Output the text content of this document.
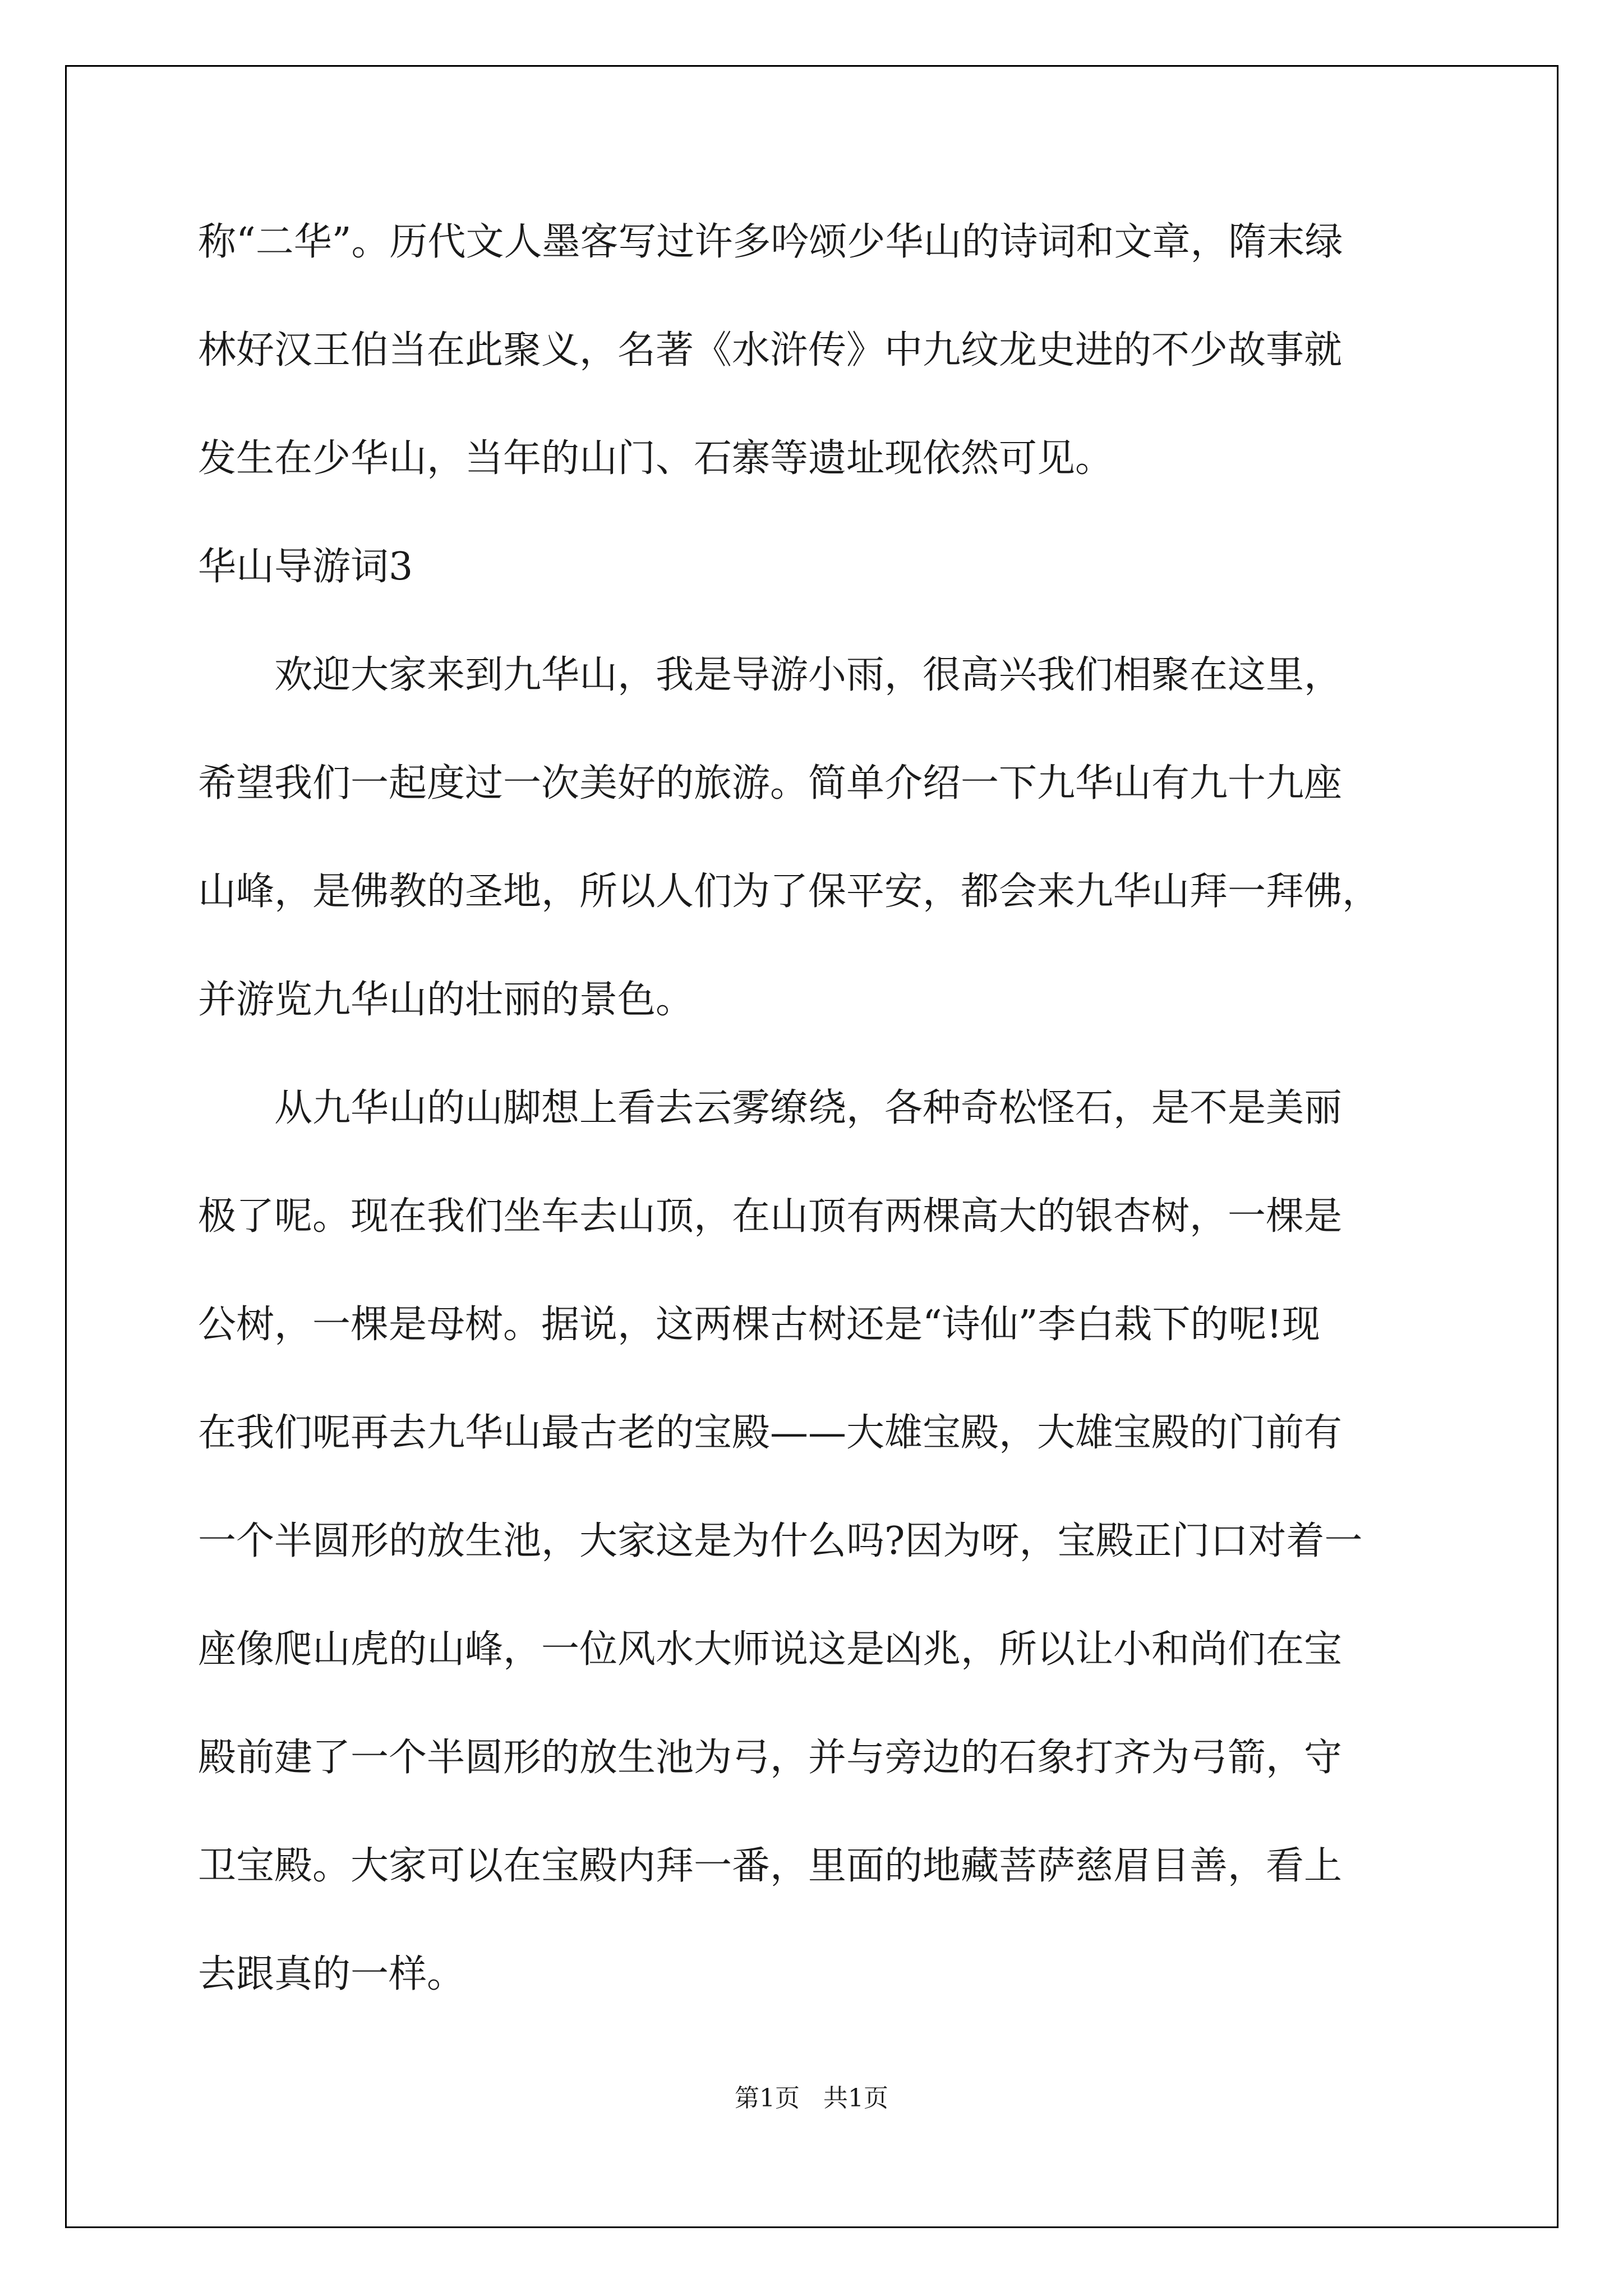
称“二华”。历代文人墨客写过许多吟颂少华山的诗词和文章，隋末绿
林好汉王伯当在此聚义，名著《水浒传》中九纹龙史进的不少故事就
发生在少华山，当年的山门、石寨等遗址现依然可见。
华山导游词3
欢迎大家来到九华山，我是导游小雨，很高兴我们相聚在这里，
希望我们一起度过一次美好的旅游。简单介绍一下九华山有九十九座
山峰，是佛教的圣地，所以人们为了保平安，都会来九华山拜一拜佛，
并游览九华山的壮丽的景色。
从九华山的山脚想上看去云雾缭绕，各种奇松怪石，是不是美丽
极了呢。现在我们坐车去山顶，在山顶有两棵高大的银杏树，一棵是
公树，一棵是母树。据说，这两棵古树还是“诗仙”李白栽下的呢!现
在我们呢再去九华山最古老的宝殿——大雄宝殿，大雄宝殿的门前有
一个半圆形的放生池，大家这是为什么吗?因为呀，宝殿正门口对着一
座像爬山虎的山峰，一位风水大师说这是凶兆，所以让小和尚们在宝
殿前建了一个半圆形的放生池为弓，并与旁边的石象打齐为弓箭，守
卫宝殿。大家可以在宝殿内拜一番，里面的地藏菩萨慈眉目善，看上
去跟真的一样。
第1页 共1页
